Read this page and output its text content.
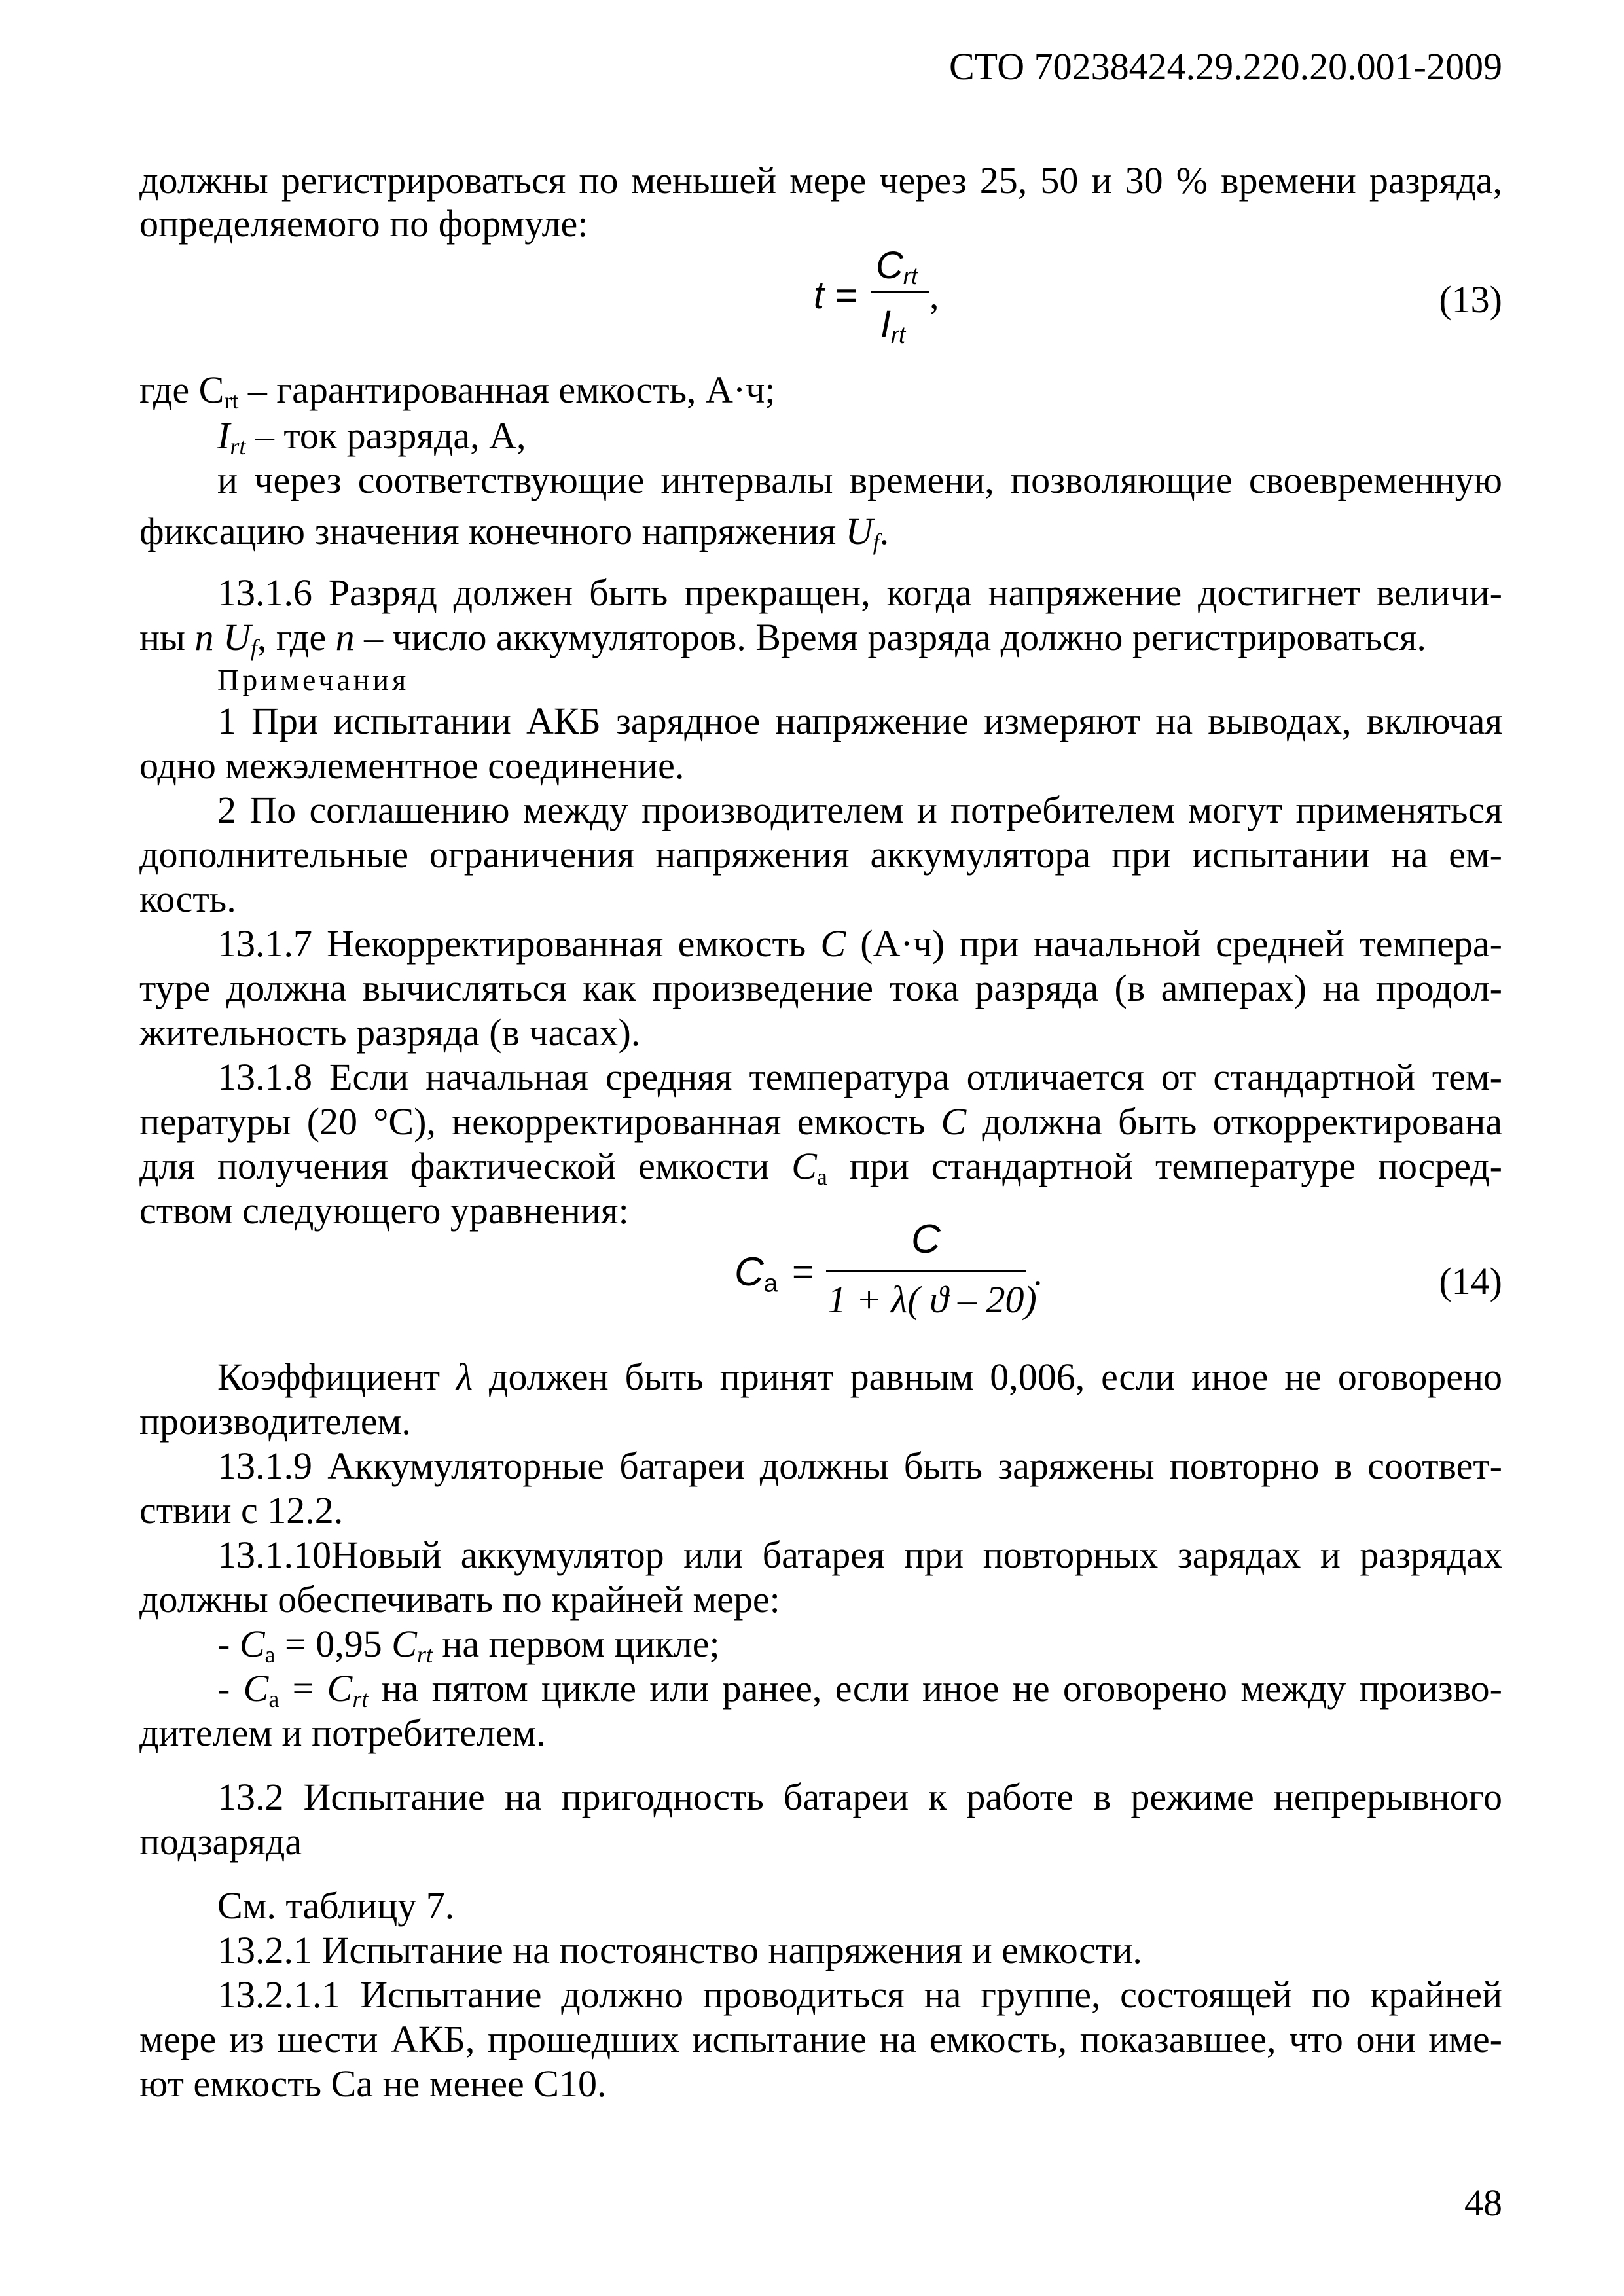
СТО 70238424.29.220.20.001-2009
должны регистрироваться по меньшей мере через 25, 50 и 30 % времени разряда,
определяемого по формуле:
t =
$C_{rt}$
$I_{rt}$
,	(13)
где $C_{rt}$ – гарантированная емкость, А·ч;
$I_{rt}$ – ток разряда, А,
и через соответствующие интервалы времени, позволяющие своевременную
фиксацию значения конечного напряжения $U_f$.
13.1.6 Разряд должен быть прекращен, когда напряжение достигнет величи-
ны n $U_f$, где n – число аккумуляторов. Время разряда должно регистрироваться.
Примечания
1 При испытании АКБ зарядное напряжение измеряют на выводах, включая
одно межэлементное соединение.
2 По соглашению между производителем и потребителем могут применяться
дополнительные ограничения напряжения аккумулятора при испытании на ем-
кость.
13.1.7 Некорректированная емкость C (А·ч) при начальной средней темпера-
туре должна вычисляться как произведение тока разряда (в амперах) на продол-
жительность разряда (в часах).
13.1.8 Если начальная средняя температура отличается от стандартной тем-
пературы (20 °С), некорректированная емкость C должна быть откорректирована
для получения фактической емкости $C_a$ при стандартной температуре посред-
ством следующего уравнения:
$C_a$ =
C
1 + λ( ϑ – 20)
.	(14)
Коэффициент λ должен быть принят равным 0,006, если иное не оговорено
производителем.
13.1.9 Аккумуляторные батареи должны быть заряжены повторно в соответ-
ствии с 12.2.
13.1.10Новый аккумулятор или батарея при повторных зарядах и разрядах
должны обеспечивать по крайней мере:
- $C_a = 0,95$ $C_{rt}$ на первом цикле;
- $C_a = C_{rt}$ на пятом цикле или ранее, если иное не оговорено между произво-
дителем и потребителем.
13.2 Испытание на пригодность батареи к работе в режиме непрерывного
подзаряда
См. таблицу 7.
13.2.1 Испытание на постоянство напряжения и емкости.
13.2.1.1 Испытание должно проводиться на группе, состоящей по крайней
мере из шести АКБ, прошедших испытание на емкость, показавшее, что они име-
ют емкость Са не менее С10.
48
